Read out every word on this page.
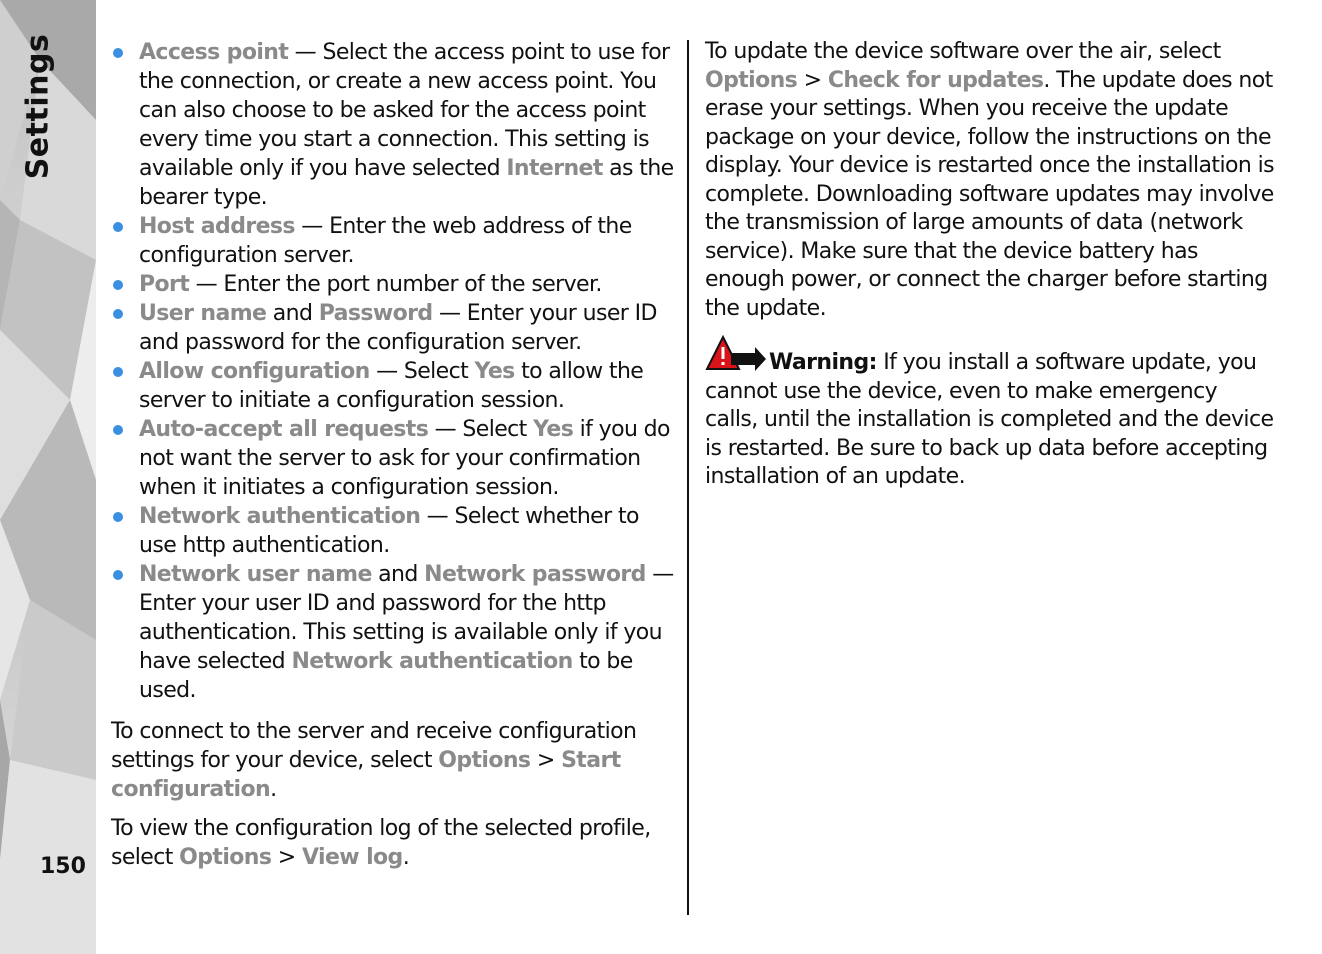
Settings
150
Access point — Select the access point to use for the connection, or create a new access point. You can also choose to be asked for the access point every time you start a connection. This setting is available only if you have selected Internet as the bearer type.
Host address — Enter the web address of the configuration server.
Port — Enter the port number of the server.
User name and Password — Enter your user ID and password for the configuration server.
Allow configuration — Select Yes to allow the server to initiate a configuration session.
Auto-accept all requests — Select Yes if you do not want the server to ask for your confirmation when it initiates a configuration session.
Network authentication — Select whether to use http authentication.
Network user name and Network password — Enter your user ID and password for the http authentication. This setting is available only if you have selected Network authentication to be used.

To connect to the server and receive configuration settings for your device, select Options > Start configuration.

To view the configuration log of the selected profile, select Options > View log.

To update the device software over the air, select Options > Check for updates. The update does not erase your settings. When you receive the update package on your device, follow the instructions on the display. Your device is restarted once the installation is complete. Downloading software updates may involve the transmission of large amounts of data (network service). Make sure that the device battery has enough power, or connect the charger before starting the update.

Warning: If you install a software update, you cannot use the device, even to make emergency calls, until the installation is completed and the device is restarted. Be sure to back up data before accepting installation of an update.
